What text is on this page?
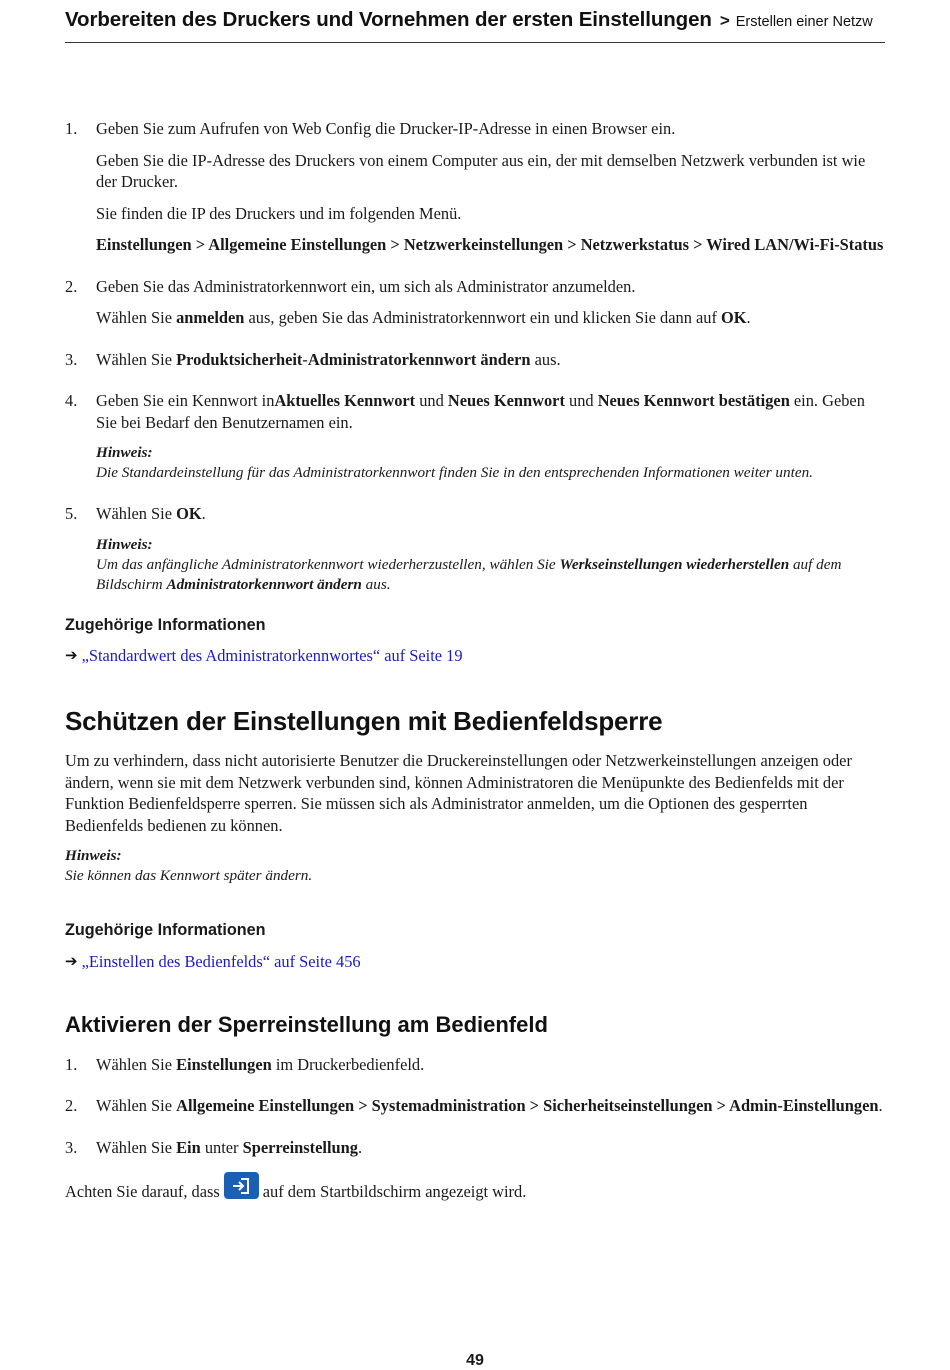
Vorbereiten des Druckers und Vornehmen der ersten Einstellungen > Erstellen einer Netzw
1. Geben Sie zum Aufrufen von Web Config die Drucker-IP-Adresse in einen Browser ein.
Geben Sie die IP-Adresse des Druckers von einem Computer aus ein, der mit demselben Netzwerk verbunden ist wie der Drucker.
Sie finden die IP des Druckers und im folgenden Menü.
Einstellungen > Allgemeine Einstellungen > Netzwerkeinstellungen > Netzwerkstatus > Wired LAN/Wi-Fi-Status
2. Geben Sie das Administratorkennwort ein, um sich als Administrator anzumelden.
Wählen Sie anmelden aus, geben Sie das Administratorkennwort ein und klicken Sie dann auf OK.
3. Wählen Sie Produktsicherheit-Administratorkennwort ändern aus.
4. Geben Sie ein Kennwort inAktuelles Kennwort und Neues Kennwort und Neues Kennwort bestätigen ein. Geben Sie bei Bedarf den Benutzernamen ein.
Hinweis:
Die Standardeinstellung für das Administratorkennwort finden Sie in den entsprechenden Informationen weiter unten.
5. Wählen Sie OK.
Hinweis:
Um das anfängliche Administratorkennwort wiederherzustellen, wählen Sie Werkseinstellungen wiederherstellen auf dem Bildschirm Administratorkennwort ändern aus.
Zugehörige Informationen
➔ „Standardwert des Administratorkennwortes“ auf Seite 19
Schützen der Einstellungen mit Bedienfeldsperre
Um zu verhindern, dass nicht autorisierte Benutzer die Druckereinstellungen oder Netzwerkeinstellungen anzeigen oder ändern, wenn sie mit dem Netzwerk verbunden sind, können Administratoren die Menüpunkte des Bedienfelds mit der Funktion Bedienfeldsperre sperren. Sie müssen sich als Administrator anmelden, um die Optionen des gesperrten Bedienfelds bedienen zu können.
Hinweis:
Sie können das Kennwort später ändern.
Zugehörige Informationen
➔ „Einstellen des Bedienfelds“ auf Seite 456
Aktivieren der Sperreinstellung am Bedienfeld
1. Wählen Sie Einstellungen im Druckerbedienfeld.
2. Wählen Sie Allgemeine Einstellungen > Systemadministration > Sicherheitseinstellungen > Admin-Einstellungen.
3. Wählen Sie Ein unter Sperreinstellung.
Achten Sie darauf, dass	auf dem Startbildschirm angezeigt wird.
49
